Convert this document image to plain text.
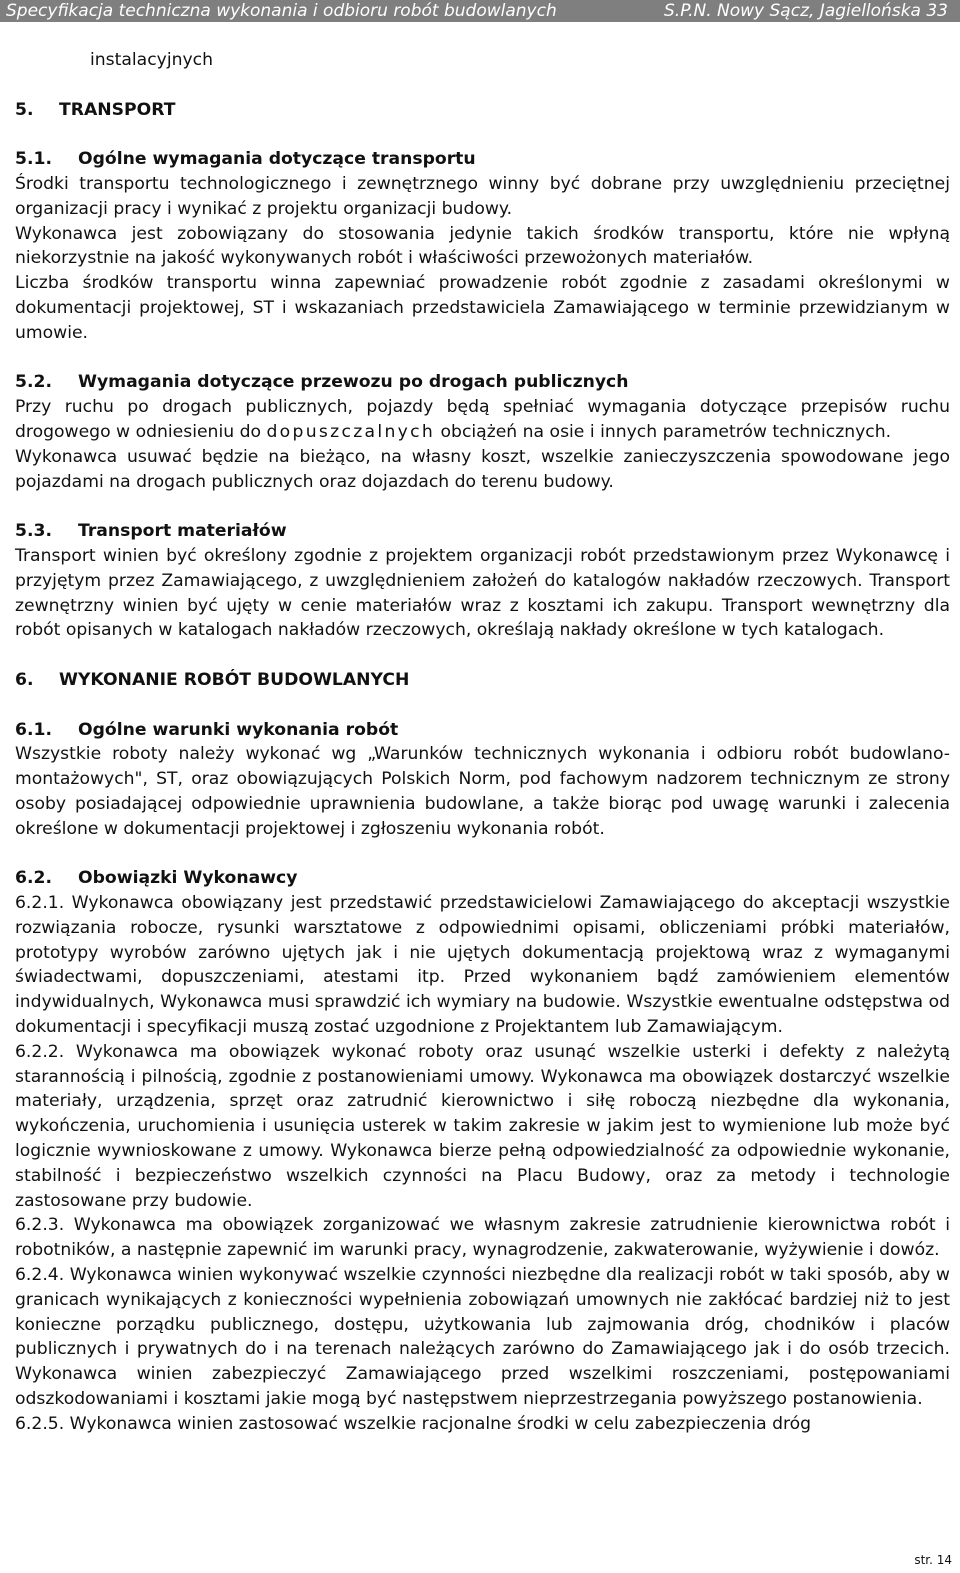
Specyfikacja techniczna wykonania i odbioru robót budowlanych	S.P.N. Nowy Sącz, Jagiellońska 33

instalacyjnych

5. TRANSPORT

5.1. Ogólne wymagania dotyczące transportu

Środki transportu technologicznego i zewnętrznego winny być dobrane przy uwzględnieniu przeciętnej organizacji pracy i wynikać z projektu organizacji budowy.

Wykonawca jest zobowiązany do stosowania jedynie takich środków transportu, które nie wpłyną niekorzystnie na jakość wykonywanych robót i właściwości przewożonych materiałów.

Liczba środków transportu winna zapewniać prowadzenie robót zgodnie z zasadami określonymi w dokumentacji projektowej, ST i wskazaniach przedstawiciela Zamawiającego w terminie przewidzianym w umowie.

5.2. Wymagania dotyczące przewozu po drogach publicznych

Przy ruchu po drogach publicznych, pojazdy będą spełniać wymagania dotyczące przepisów ruchu drogowego w odniesieniu do dopuszczalnych obciążeń na osie i innych parametrów technicznych.

Wykonawca usuwać będzie na bieżąco, na własny koszt, wszelkie zanieczyszczenia spowodowane jego pojazdami na drogach publicznych oraz dojazdach do terenu budowy.

5.3. Transport materiałów

Transport winien być określony zgodnie z projektem organizacji robót przedstawionym przez Wykonawcę i przyjętym przez Zamawiającego, z uwzględnieniem założeń do katalogów nakładów rzeczowych. Transport zewnętrzny winien być ujęty w cenie materiałów wraz z kosztami ich zakupu. Transport wewnętrzny dla robót opisanych w katalogach nakładów rzeczowych, określają nakłady określone w tych katalogach.

6. WYKONANIE ROBÓT BUDOWLANYCH

6.1. Ogólne warunki wykonania robót

Wszystkie roboty należy wykonać wg „Warunków technicznych wykonania i odbioru robót budowlano-montażowych", ST, oraz obowiązujących Polskich Norm, pod fachowym nadzorem technicznym ze strony osoby posiadającej odpowiednie uprawnienia budowlane, a także biorąc pod uwagę warunki i zalecenia określone w dokumentacji projektowej i zgłoszeniu wykonania robót.

6.2. Obowiązki Wykonawcy

6.2.1. Wykonawca obowiązany jest przedstawić przedstawicielowi Zamawiającego do akceptacji wszystkie rozwiązania robocze, rysunki warsztatowe z odpowiednimi opisami, obliczeniami próbki materiałów, prototypy wyrobów zarówno ujętych jak i nie ujętych dokumentacją projektową wraz z wymaganymi świadectwami, dopuszczeniami, atestami itp. Przed wykonaniem bądź zamówieniem elementów indywidualnych, Wykonawca musi sprawdzić ich wymiary na budowie. Wszystkie ewentualne odstępstwa od dokumentacji i specyfikacji muszą zostać uzgodnione z Projektantem lub Zamawiającym.

6.2.2. Wykonawca ma obowiązek wykonać roboty oraz usunąć wszelkie usterki i defekty z należytą starannością i pilnością, zgodnie z postanowieniami umowy. Wykonawca ma obowiązek dostarczyć wszelkie materiały, urządzenia, sprzęt oraz zatrudnić kierownictwo i siłę roboczą niezbędne dla wykonania, wykończenia, uruchomienia i usunięcia usterek w takim zakresie w jakim jest to wymienione lub może być logicznie wywnioskowane z umowy. Wykonawca bierze pełną odpowiedzialność za odpowiednie wykonanie, stabilność i bezpieczeństwo wszelkich czynności na Placu Budowy, oraz za metody i technologie zastosowane przy budowie.

6.2.3. Wykonawca ma obowiązek zorganizować we własnym zakresie zatrudnienie kierownictwa robót i robotników, a następnie zapewnić im warunki pracy, wynagrodzenie, zakwaterowanie, wyżywienie i dowóz.

6.2.4. Wykonawca winien wykonywać wszelkie czynności niezbędne dla realizacji robót w taki sposób, aby w granicach wynikających z konieczności wypełnienia zobowiązań umownych nie zakłócać bardziej niż to jest konieczne porządku publicznego, dostępu, użytkowania lub zajmowania dróg, chodników i placów publicznych i prywatnych do i na terenach należących zarówno do Zamawiającego jak i do osób trzecich. Wykonawca winien zabezpieczyć Zamawiającego przed wszelkimi roszczeniami, postępowaniami odszkodowaniami i kosztami jakie mogą być następstwem nieprzestrzegania powyższego postanowienia.

6.2.5. Wykonawca winien zastosować wszelkie racjonalne środki w celu zabezpieczenia dróg

str. 14
